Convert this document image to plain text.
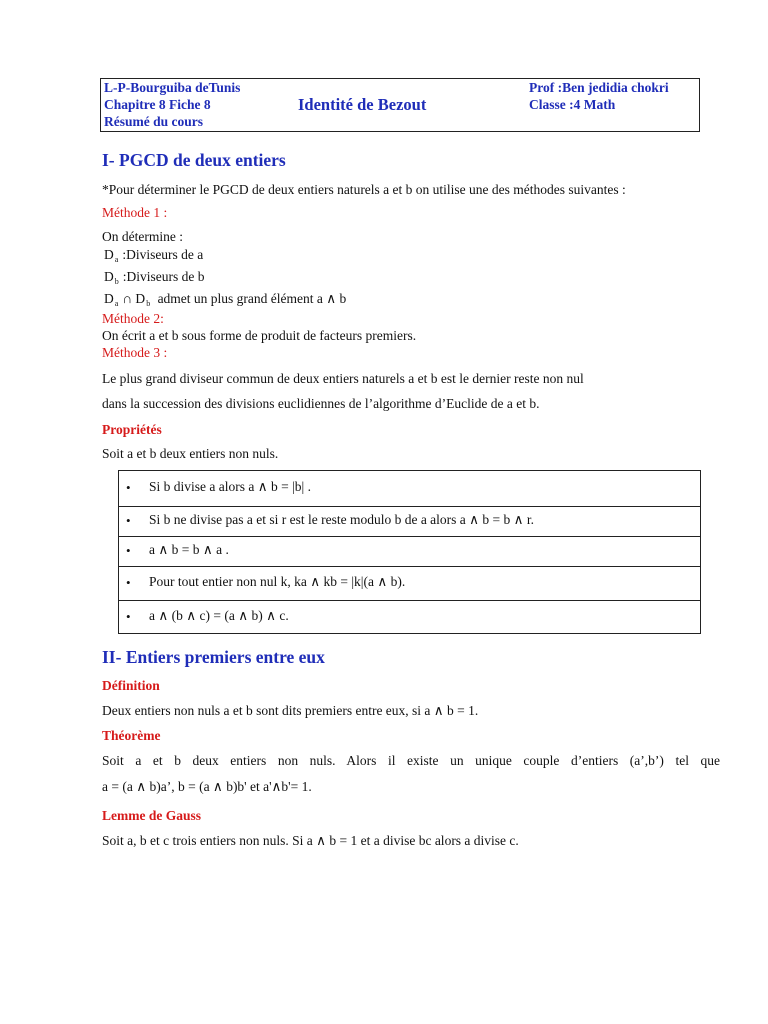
L-P-Bourguiba deTunis
Chapitre 8 Fiche 8
Résumé du cours
Identité de Bezout
Prof :Ben jedidia chokri
Classe :4 Math
I- PGCD de deux entiers
*Pour déterminer le PGCD de deux entiers naturels a et b on utilise une des méthodes suivantes :
Méthode 1 :
On détermine :
$D_a$ :Diviseurs de a
$D_b$ :Diviseurs de b
$D_a$ ∩ $D_b$ admet un plus grand élément a ∧ b
Méthode 2:
On écrit a et b sous forme de produit de facteurs premiers.
Méthode 3 :
Le plus grand diviseur commun de deux entiers naturels a et b est le dernier reste non nul
dans la succession des divisions euclidiennes de l’algorithme d’Euclide de a et b.
Propriétés
Soit a et b deux entiers non nuls.
• Si b divise a alors a ∧ b = |b| .
• Si b ne divise pas a et si r est le reste modulo b de a alors a ∧ b = b ∧ r.
• a ∧ b = b ∧ a .
• Pour tout entier non nul k, ka ∧ kb = |k|(a ∧ b).
• a ∧ (b ∧ c) = (a ∧ b) ∧ c.
II- Entiers premiers entre eux
Définition
Deux entiers non nuls a et b sont dits premiers entre eux, si a ∧ b = 1.
Théorème
Soit a et b deux entiers non nuls. Alors il existe un unique couple d’entiers (a’,b’) tel que
a = (a ∧ b)a’, b = (a ∧ b)b' et a'∧b'= 1.
Lemme de Gauss
Soit a, b et c trois entiers non nuls. Si a ∧ b = 1 et a divise bc alors a divise c.
